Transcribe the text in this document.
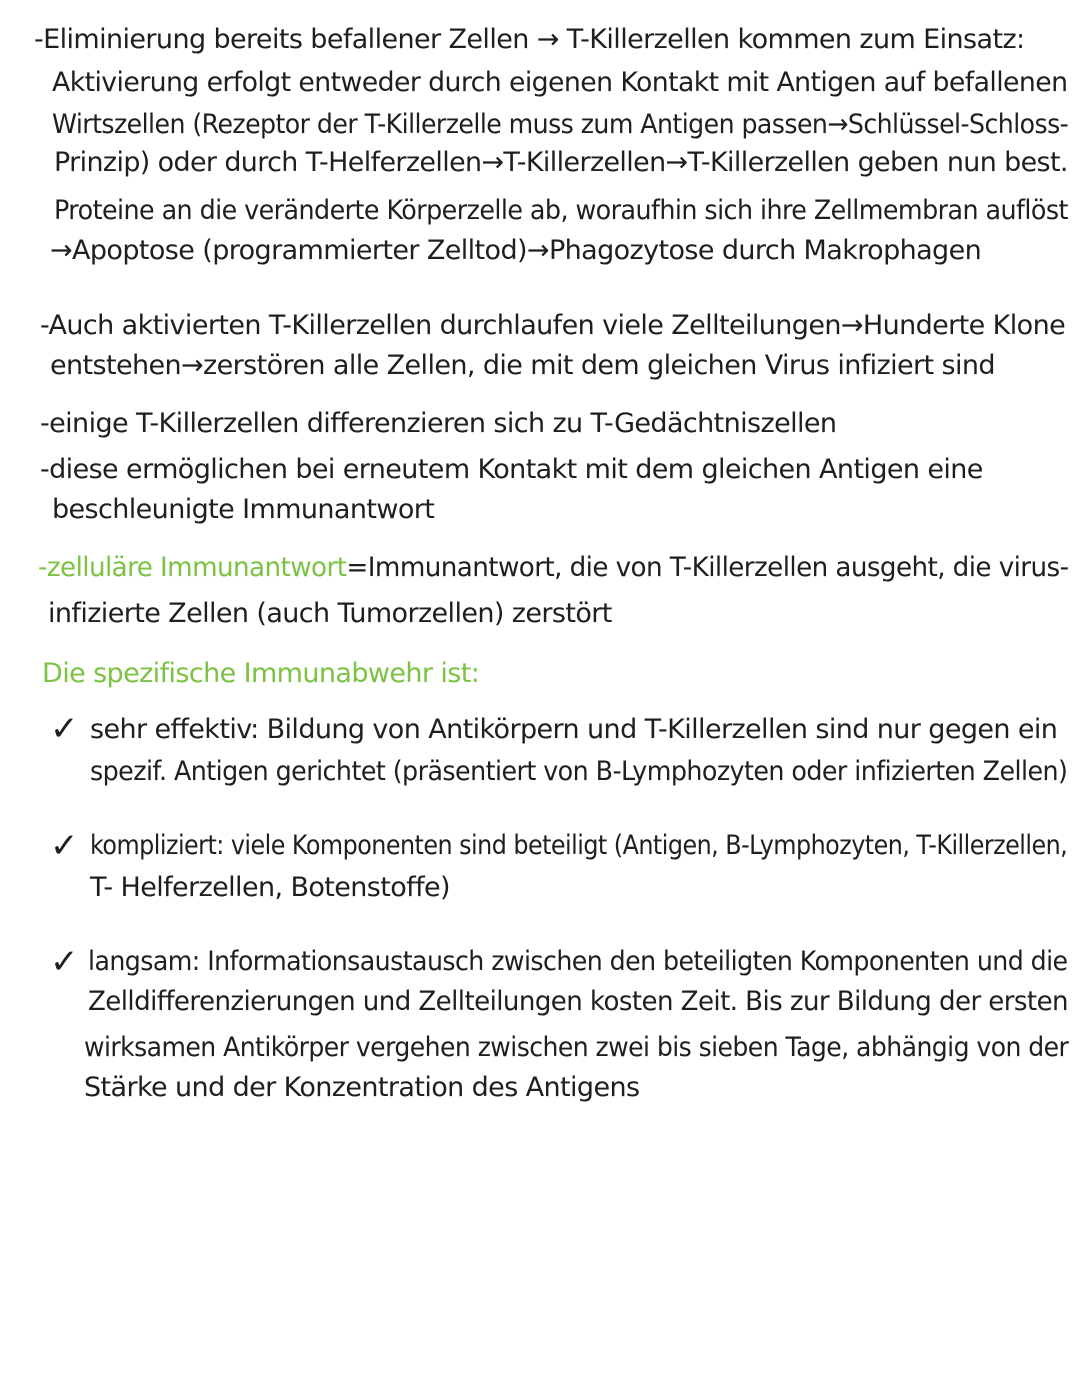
-Eliminierung bereits befallener Zellen → T-Killerzellen kommen zum Einsatz:
Aktivierung erfolgt entweder durch eigenen Kontakt mit Antigen auf befallenen
Wirtszellen (Rezeptor der T-Killerzelle muss zum Antigen passen→Schlüssel-Schloss-
Prinzip) oder durch T-Helferzellen→T-Killerzellen→T-Killerzellen geben nun best.
Proteine an die veränderte Körperzelle ab, woraufhin sich ihre Zellmembran auflöst
→Apoptose (programmierter Zelltod)→Phagozytose durch Makrophagen
-Auch aktivierten T-Killerzellen durchlaufen viele Zellteilungen→Hunderte Klone
entstehen→zerstören alle Zellen, die mit dem gleichen Virus infiziert sind
-einige T-Killerzellen differenzieren sich zu T-Gedächtniszellen
-diese ermöglichen bei erneutem Kontakt mit dem gleichen Antigen eine
beschleunigte Immunantwort
-zelluläre Immunantwort=Immunantwort, die von T-Killerzellen ausgeht, die virus-
infizierte Zellen (auch Tumorzellen) zerstört
Die spezifische Immunabwehr ist:
✓ sehr effektiv: Bildung von Antikörpern und T-Killerzellen sind nur gegen ein
spezif. Antigen gerichtet (präsentiert von B-Lymphozyten oder infizierten Zellen)
✓ kompliziert: viele Komponenten sind beteiligt (Antigen, B-Lymphozyten, T-Killerzellen,
T- Helferzellen, Botenstoffe)
✓ langsam: Informationsaustausch zwischen den beteiligten Komponenten und die
Zelldifferenzierungen und Zellteilungen kosten Zeit. Bis zur Bildung der ersten
wirksamen Antikörper vergehen zwischen zwei bis sieben Tage, abhängig von der
Stärke und der Konzentration des Antigens
